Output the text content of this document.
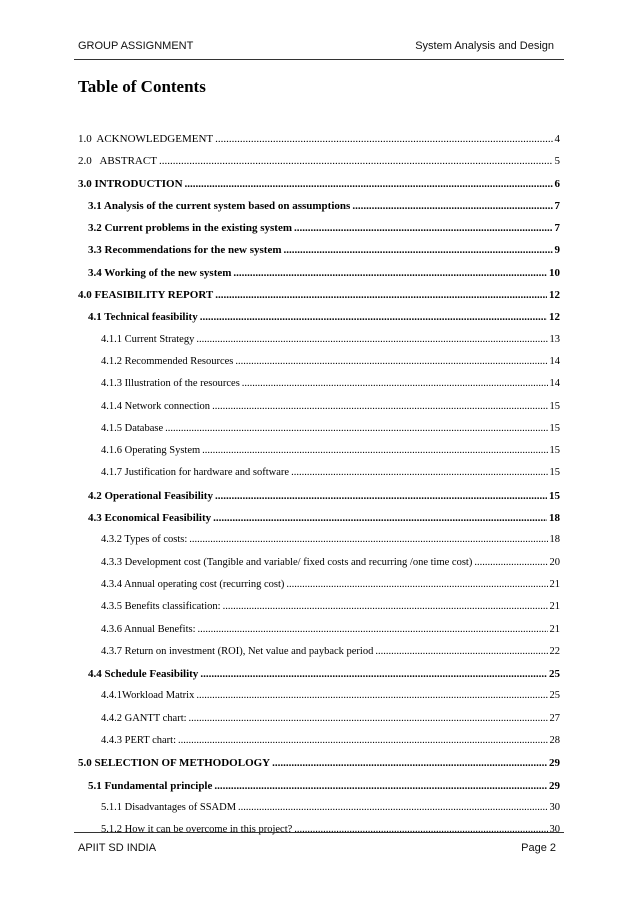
GROUP ASSIGNMENT	System Analysis and Design
Table of Contents
1.0 ACKNOWLEDGEMENT .....	4
2.0 ABSTRACT .....	5
3.0 INTRODUCTION .....	6
3.1 Analysis of the current system based on assumptions .....	7
3.2 Current problems in the existing system .....	7
3.3 Recommendations for the new system .....	9
3.4 Working of the new system .....	10
4.0 FEASIBILITY REPORT .....	12
4.1 Technical feasibility .....	12
4.1.1 Current Strategy .....	13
4.1.2 Recommended Resources .....	14
4.1.3 Illustration of the resources .....	14
4.1.4 Network connection .....	15
4.1.5 Database .....	15
4.1.6 Operating System .....	15
4.1.7 Justification for hardware and software .....	15
4.2 Operational Feasibility .....	15
4.3 Economical Feasibility .....	18
4.3.2 Types of costs: .....	18
4.3.3 Development cost (Tangible and variable/ fixed costs and recurring /one time cost) .....	20
4.3.4 Annual operating cost (recurring cost) .....	21
4.3.5 Benefits classification: .....	21
4.3.6 Annual Benefits: .....	21
4.3.7 Return on investment (ROI), Net value and payback period .....	22
4.4 Schedule Feasibility .....	25
4.4.1Workload Matrix .....	25
4.4.2 GANTT chart: .....	27
4.4.3 PERT chart: .....	28
5.0 SELECTION OF METHODOLOGY .....	29
5.1 Fundamental principle .....	29
5.1.1 Disadvantages of SSADM .....	30
5.1.2 How it can be overcome in this project? .....	30
APIIT SD INDIA	Page 2
